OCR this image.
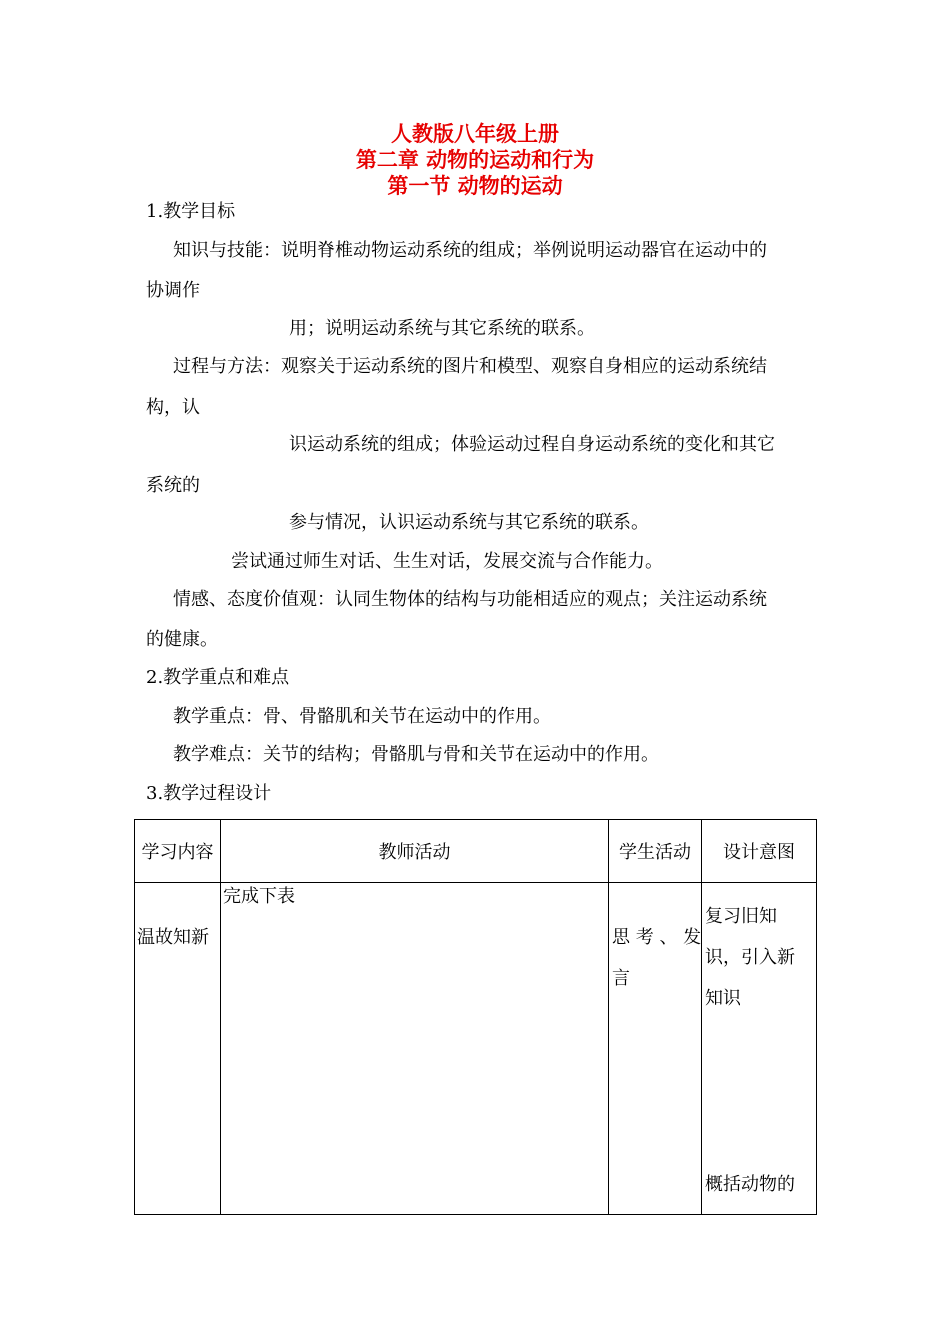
人教版八年级上册
第二章 动物的运动和行为
第一节 动物的运动
1.教学目标
知识与技能：说明脊椎动物运动系统的组成；举例说明运动器官在运动中的
协调作
用；说明运动系统与其它系统的联系。
过程与方法：观察关于运动系统的图片和模型、观察自身相应的运动系统结
构，认
识运动系统的组成；体验运动过程自身运动系统的变化和其它
系统的
参与情况，认识运动系统与其它系统的联系。
尝试通过师生对话、生生对话，发展交流与合作能力。
情感、态度价值观：认同生物体的结构与功能相适应的观点；关注运动系统
的健康。
2.教学重点和难点
教学重点：骨、骨骼肌和关节在运动中的作用。
教学难点：关节的结构；骨骼肌与骨和关节在运动中的作用。
3.教学过程设计
学习内容	教师活动	学生活动	设计意图

温故知新	完成下表	思 考 、 发
言	复习旧知
识，引入新
知识
概括动物的
